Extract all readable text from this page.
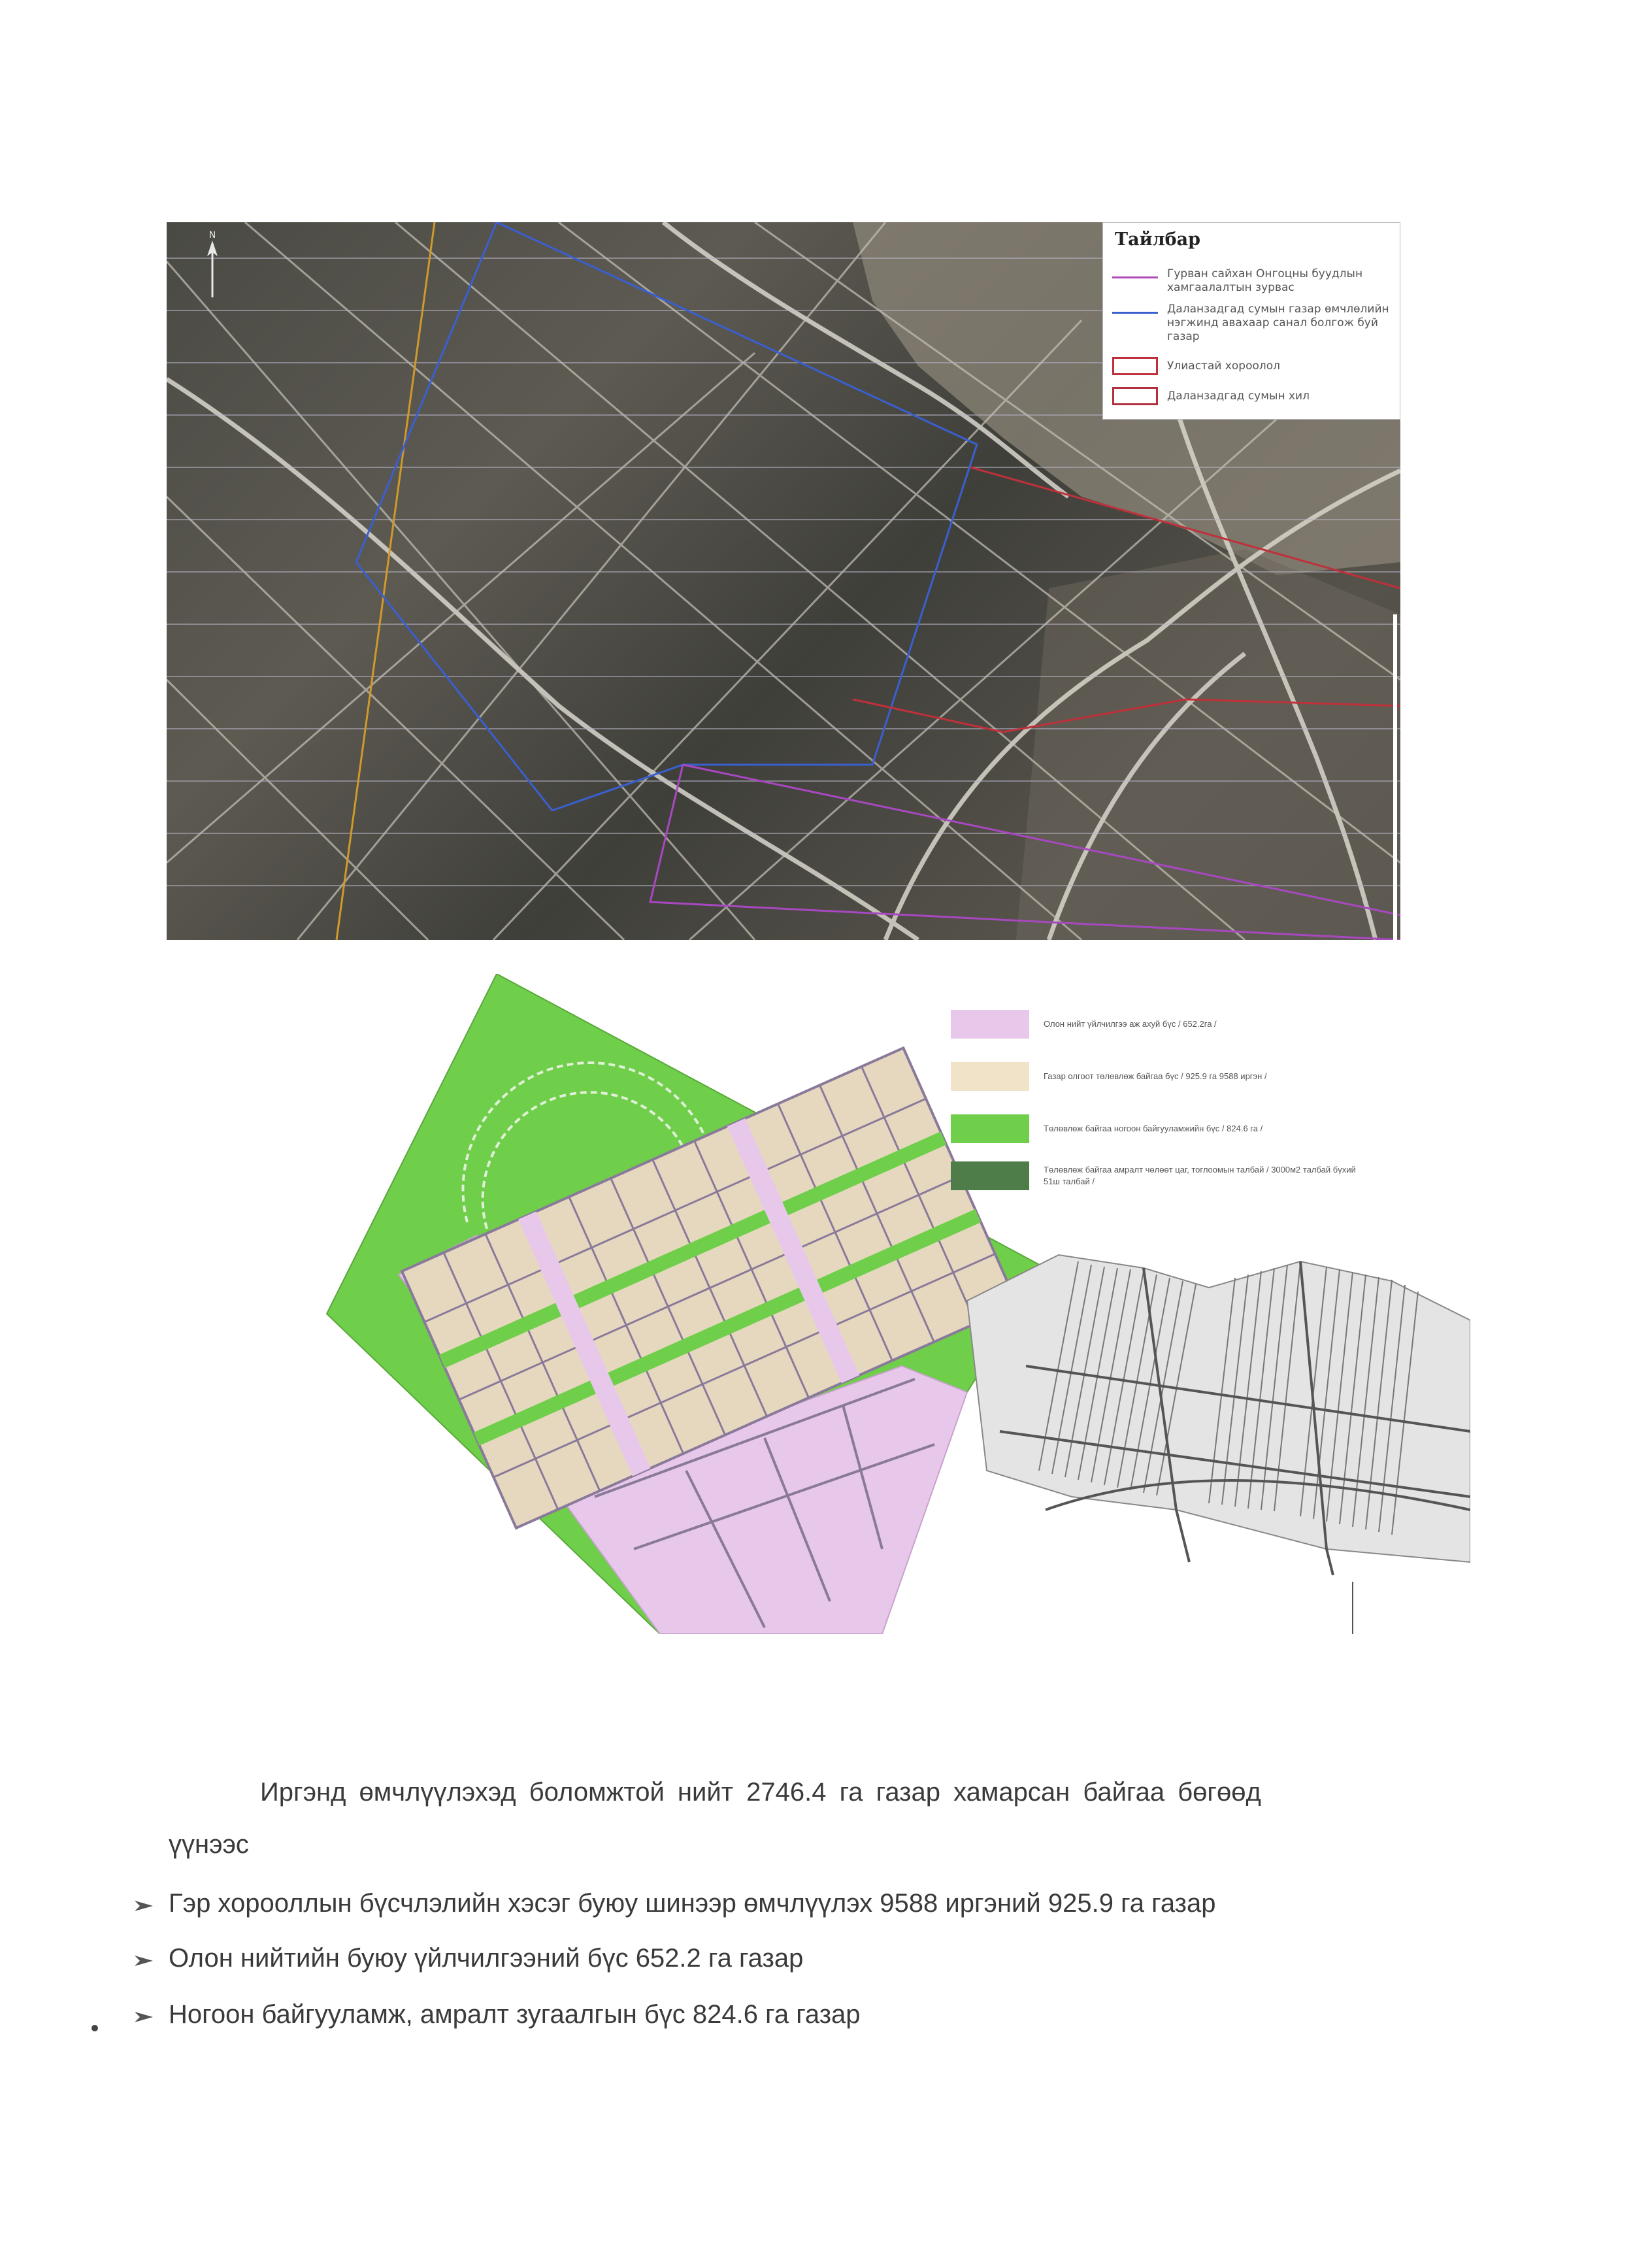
N	Тайлбар
Гурван сайхан Онгоцны буудлын хамгаалалтын зурвас
Даланзадгад сумын газар өмчлөлийн нэгжинд авахаар санал болгож буй газар
Улиастай хороолол
Даланзадгад сумын хил
Олон нийт үйлчилгээ аж ахуй бүс / 652.2га /
Газар олгоот төлөвлөж байгаа бүс / 925.9 га 9588 иргэн /
Төлөвлөж байгаа ногоон байгууламжийн бүс / 824.6 га /
Төлөвлөж байгаа амралт чөлөөт цаг, тоглоомын талбай / 3000м2 талбай бүхий 51ш талбай /
Иргэнд өмчлүүлэхэд боломжтой нийт 2746.4 га газар хамарсан байгаа бөгөөд
үүнээс
Гэр хорооллын бүсчлэлийн хэсэг буюу шинээр өмчлүүлэх 9588 иргэний 925.9 га газар
Олон нийтийн буюу үйлчилгээний бүс 652.2 га газар
Ногоон байгууламж, амралт зугаалгын бүс 824.6 га газар
